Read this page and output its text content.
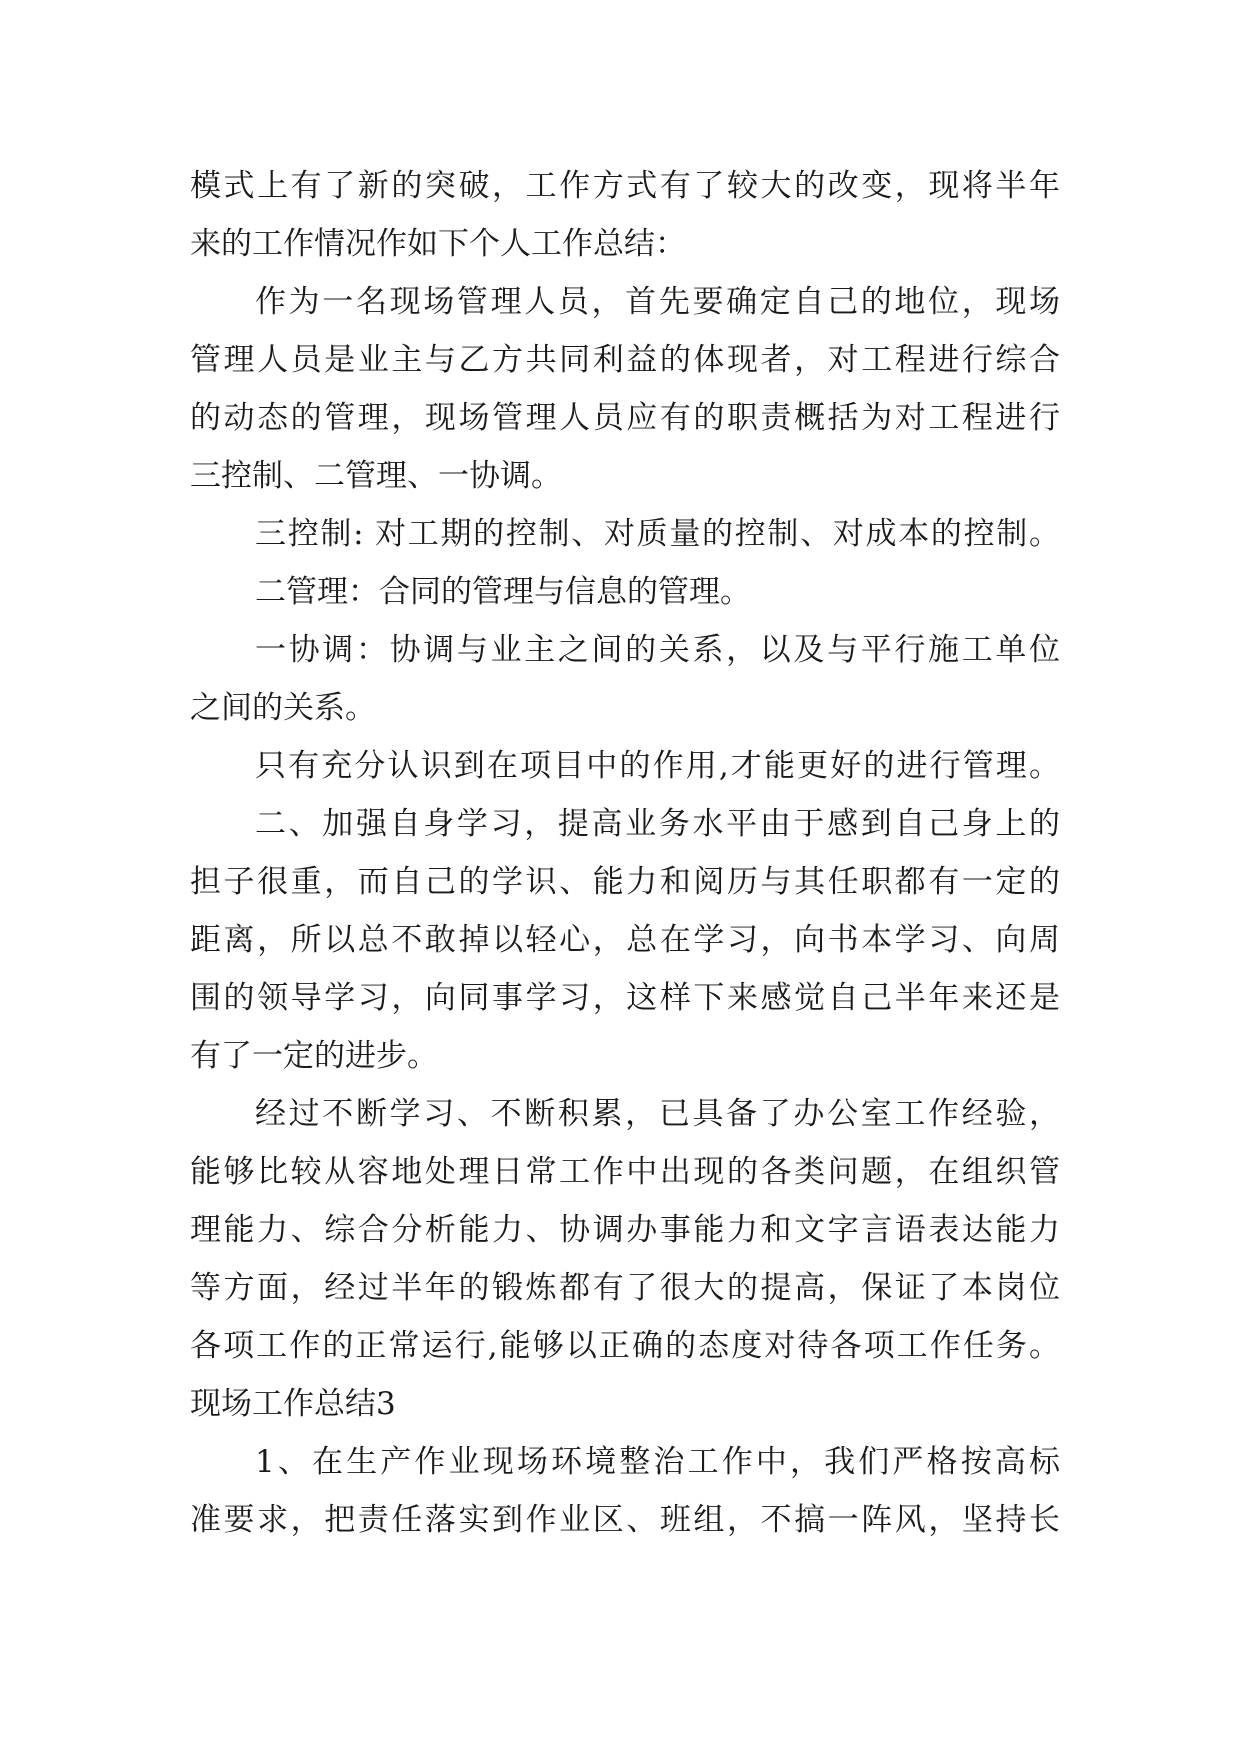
模式上有了新的突破，工作方式有了较大的改变，现将半年

来的工作情况作如下个人工作总结：

作为一名现场管理人员，首先要确定自己的地位，现场

管理人员是业主与乙方共同利益的体现者，对工程进行综合

的动态的管理，现场管理人员应有的职责概括为对工程进行

三控制、二管理、一协调。

三控制: 对工期的控制、对质量的控制、对成本的控制。

二管理：合同的管理与信息的管理。

一协调：协调与业主之间的关系，以及与平行施工单位

之间的关系。

只有充分认识到在项目中的作用,才能更好的进行管理。

二、加强自身学习，提高业务水平由于感到自己身上的

担子很重，而自己的学识、能力和阅历与其任职都有一定的

距离，所以总不敢掉以轻心，总在学习，向书本学习、向周

围的领导学习，向同事学习，这样下来感觉自己半年来还是

有了一定的进步。

经过不断学习、不断积累，已具备了办公室工作经验，

能够比较从容地处理日常工作中出现的各类问题，在组织管

理能力、综合分析能力、协调办事能力和文字言语表达能力

等方面，经过半年的锻炼都有了很大的提高，保证了本岗位

各项工作的正常运行,能够以正确的态度对待各项工作任务。

现场工作总结3

1、在生产作业现场环境整治工作中，我们严格按高标

准要求，把责任落实到作业区、班组，不搞一阵风，坚持长
